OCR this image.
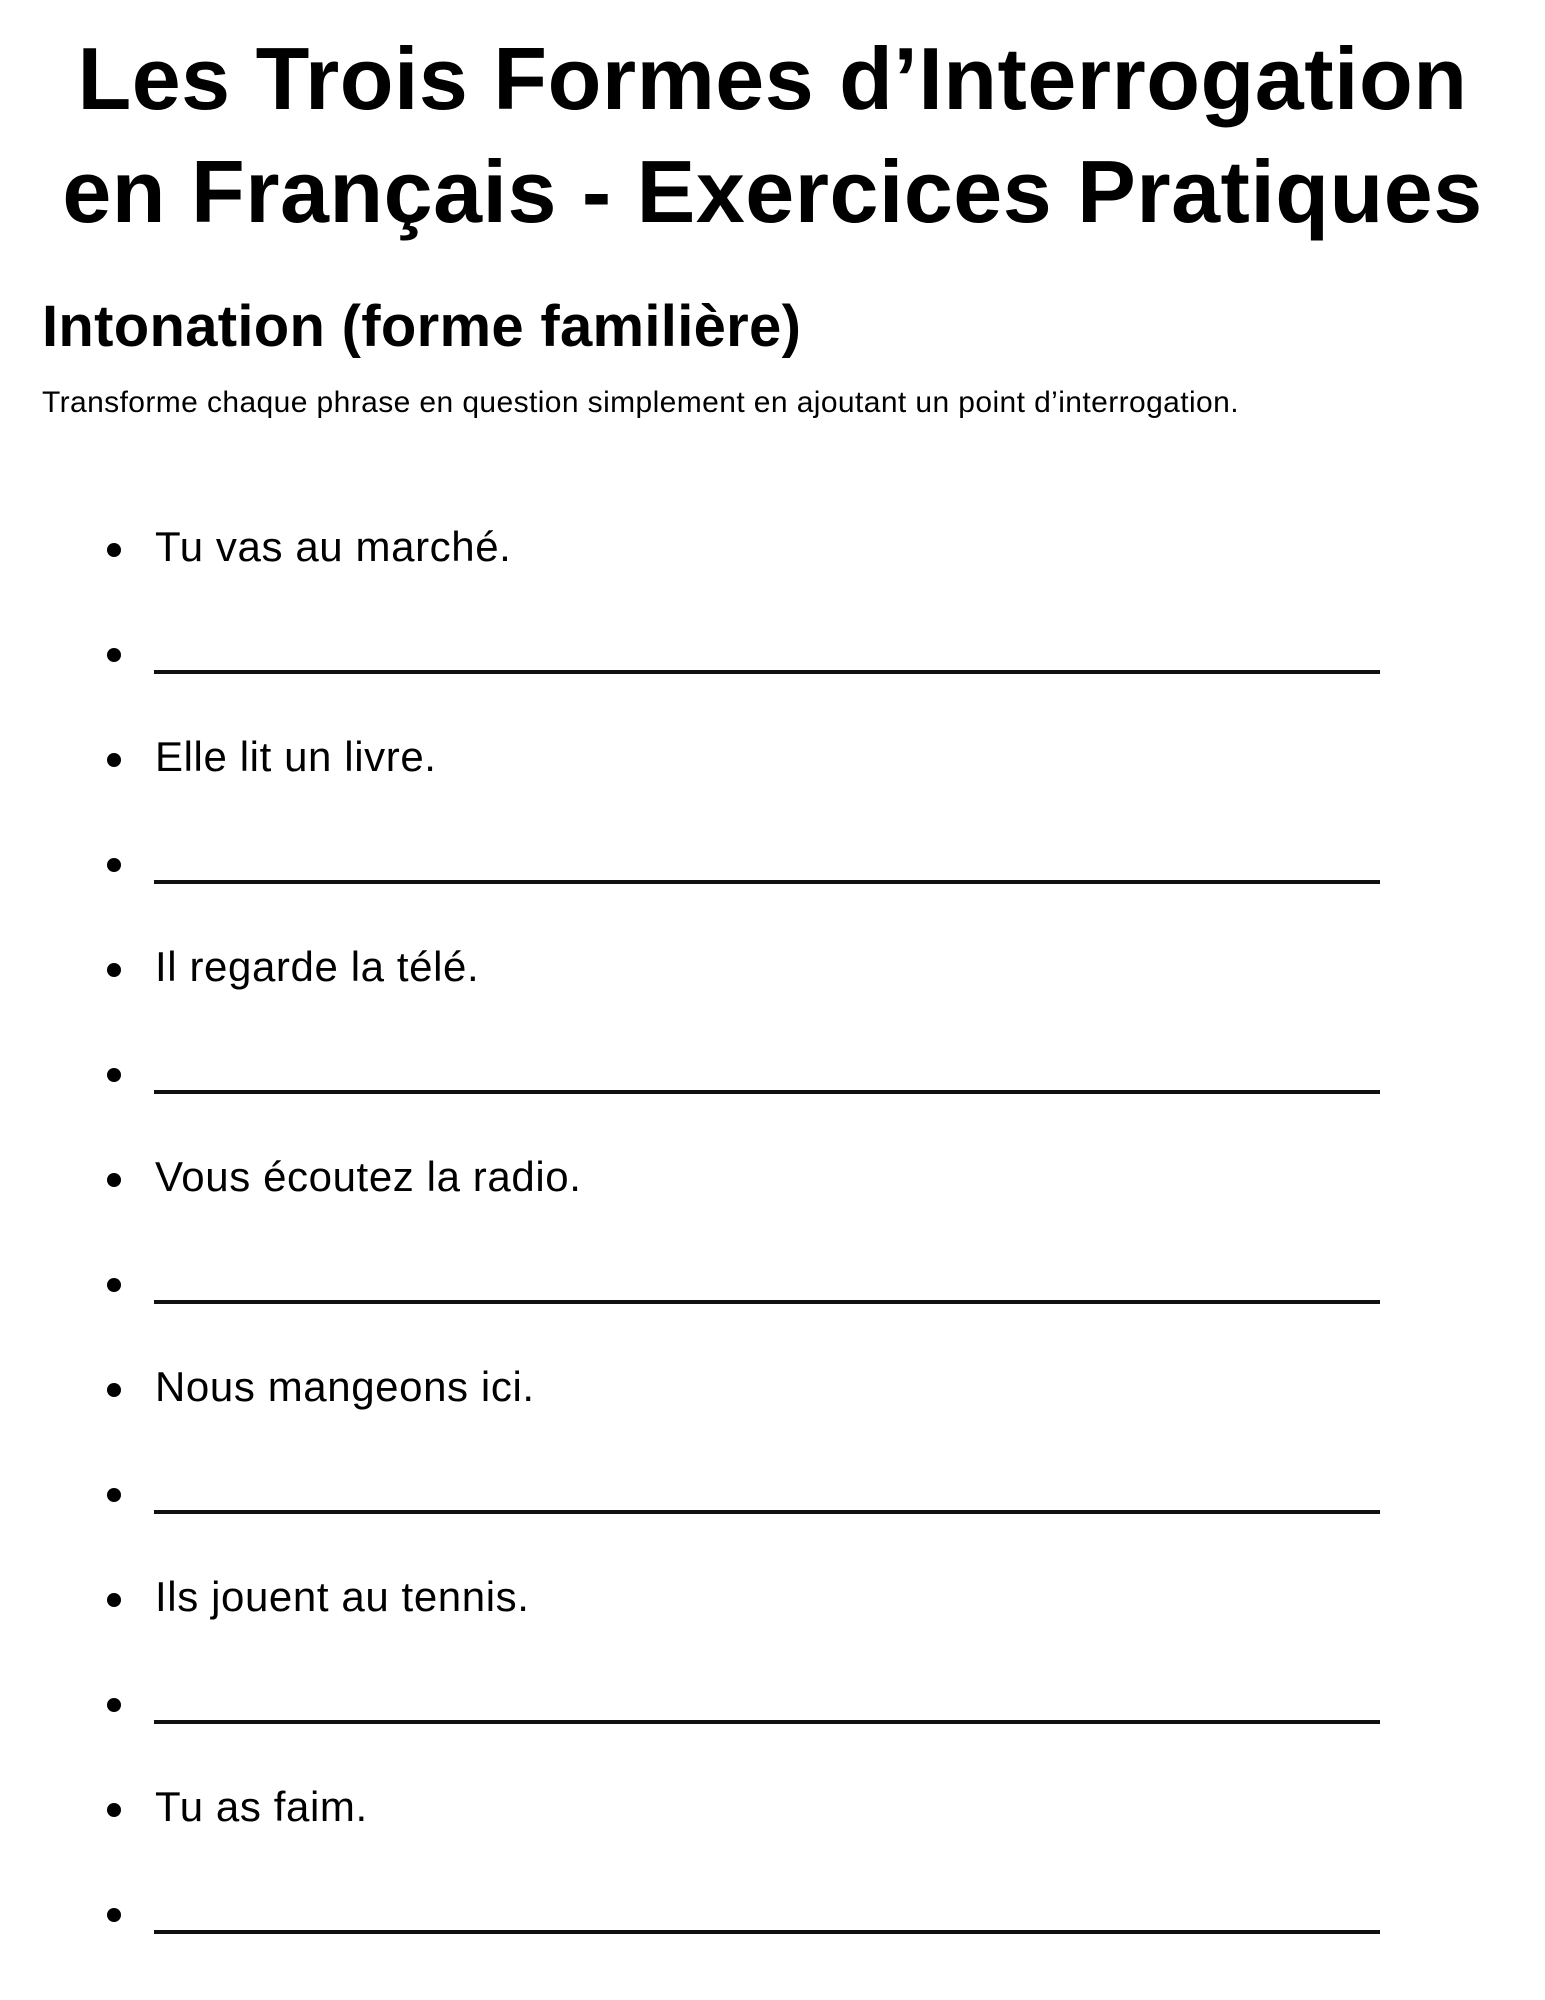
Les Trois Formes d’Interrogation en Français - Exercices Pratiques
Intonation (forme familière)

Transforme chaque phrase en question simplement en ajoutant un point d’interrogation.

Tu vas au marché.
Elle lit un livre.
Il regarde la télé.
Vous écoutez la radio.
Nous mangeons ici.
Ils jouent au tennis.
Tu as faim.
